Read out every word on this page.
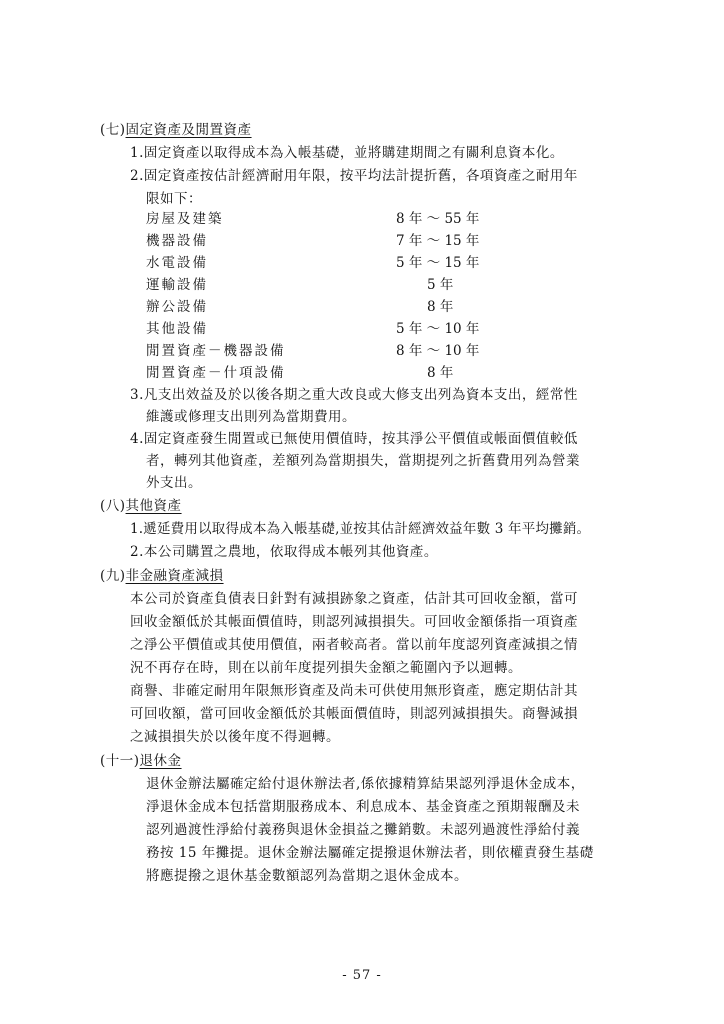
(七)固定資產及閒置資產
1.固定資產以取得成本為入帳基礎，並將購建期間之有關利息資本化。
2.固定資產按估計經濟耐用年限，按平均法計提折舊，各項資產之耐用年
限如下：
房屋及建築	8 年 ～ 55 年
機器設備	7 年 ～ 15 年
水電設備	5 年 ～ 15 年
運輸設備	5 年
辦公設備	8 年
其他設備	5 年 ～ 10 年
閒置資產－機器設備	8 年 ～ 10 年
閒置資產－什項設備	8 年
3.凡支出效益及於以後各期之重大改良或大修支出列為資本支出，經常性
維護或修理支出則列為當期費用。
4.固定資產發生閒置或已無使用價值時，按其淨公平價值或帳面價值較低
者，轉列其他資產，差額列為當期損失，當期提列之折舊費用列為營業
外支出。
(八)其他資產
1.遞延費用以取得成本為入帳基礎,並按其估計經濟效益年數 3 年平均攤銷。
2.本公司購置之農地，依取得成本帳列其他資產。
(九)非金融資產減損
本公司於資產負債表日針對有減損跡象之資產，估計其可回收金額，當可
回收金額低於其帳面價值時，則認列減損損失。可回收金額係指一項資產
之淨公平價值或其使用價值，兩者較高者。當以前年度認列資產減損之情
況不再存在時，則在以前年度提列損失金額之範圍內予以迴轉。
商譽、非確定耐用年限無形資產及尚未可供使用無形資產，應定期估計其
可回收額，當可回收金額低於其帳面價值時，則認列減損損失。商譽減損
之減損損失於以後年度不得迴轉。
(十一)退休金
退休金辦法屬確定給付退休辦法者,係依據精算結果認列淨退休金成本，
淨退休金成本包括當期服務成本、利息成本、基金資產之預期報酬及未
認列過渡性淨給付義務與退休金損益之攤銷數。未認列過渡性淨給付義
務按 15 年攤提。退休金辦法屬確定提撥退休辦法者，則依權責發生基礎
將應提撥之退休基金數額認列為當期之退休金成本。
- 57 -
